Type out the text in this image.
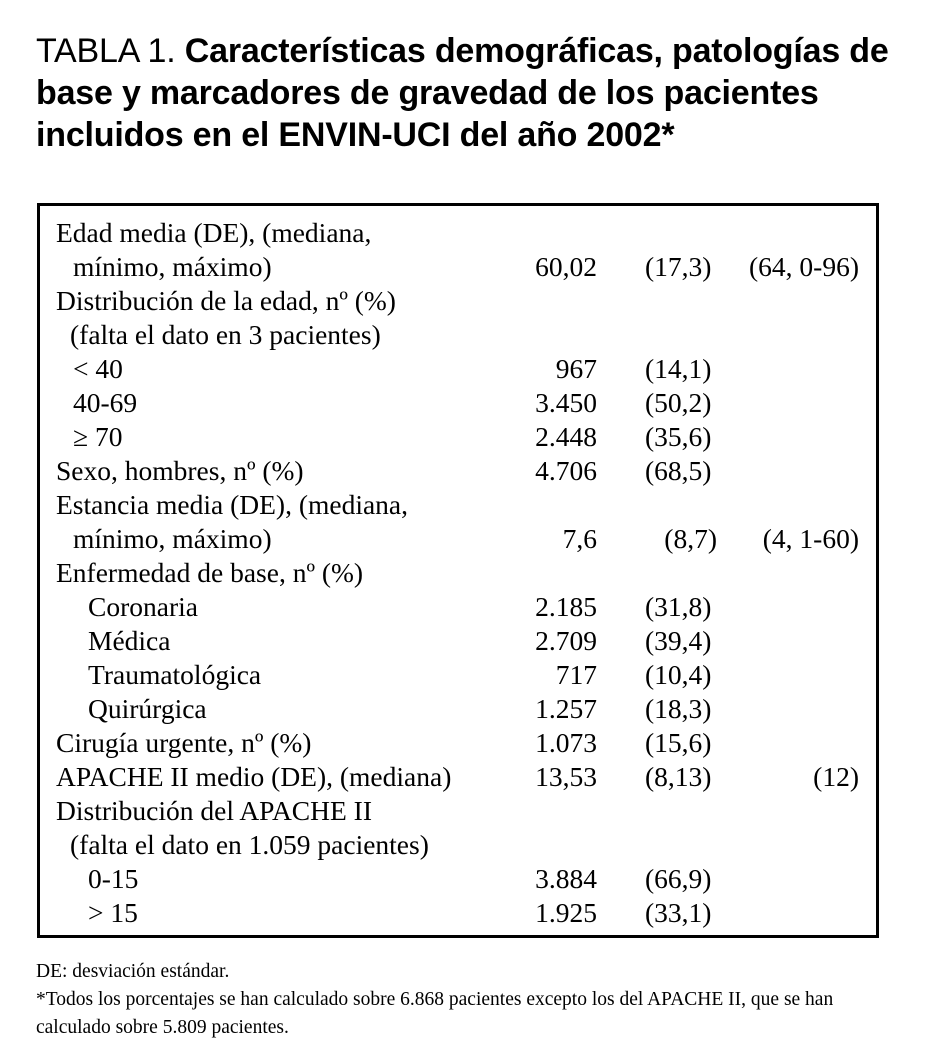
TABLA 1. Características demográficas, patologías de base y marcadores de gravedad de los pacientes incluidos en el ENVIN-UCI del año 2002*
Edad media (DE), (mediana,
mínimo, máximo)	60,02 (17,3) (64, 0-96)
Distribución de la edad, nº (%)
(falta el dato en 3 pacientes)
< 40	967 (14,1)
40-69	3.450 (50,2)
≥ 70	2.448 (35,6)
Sexo, hombres, nº (%)	4.706 (68,5)
Estancia media (DE), (mediana,
mínimo, máximo)	7,6 (8,7) (4, 1-60)
Enfermedad de base, nº (%)
Coronaria	2.185 (31,8)
Médica	2.709 (39,4)
Traumatológica	717 (10,4)
Quirúrgica	1.257 (18,3)
Cirugía urgente, nº (%)	1.073 (15,6)
APACHE II medio (DE), (mediana)	13,53 (8,13)	(12)
Distribución del APACHE II
(falta el dato en 1.059 pacientes)
0-15	3.884 (66,9)
> 15	1.925 (33,1)

DE: desviación estándar.

*Todos los porcentajes se han calculado sobre 6.868 pacientes excepto los del APACHE II, que se han calculado sobre 5.809 pacientes.
